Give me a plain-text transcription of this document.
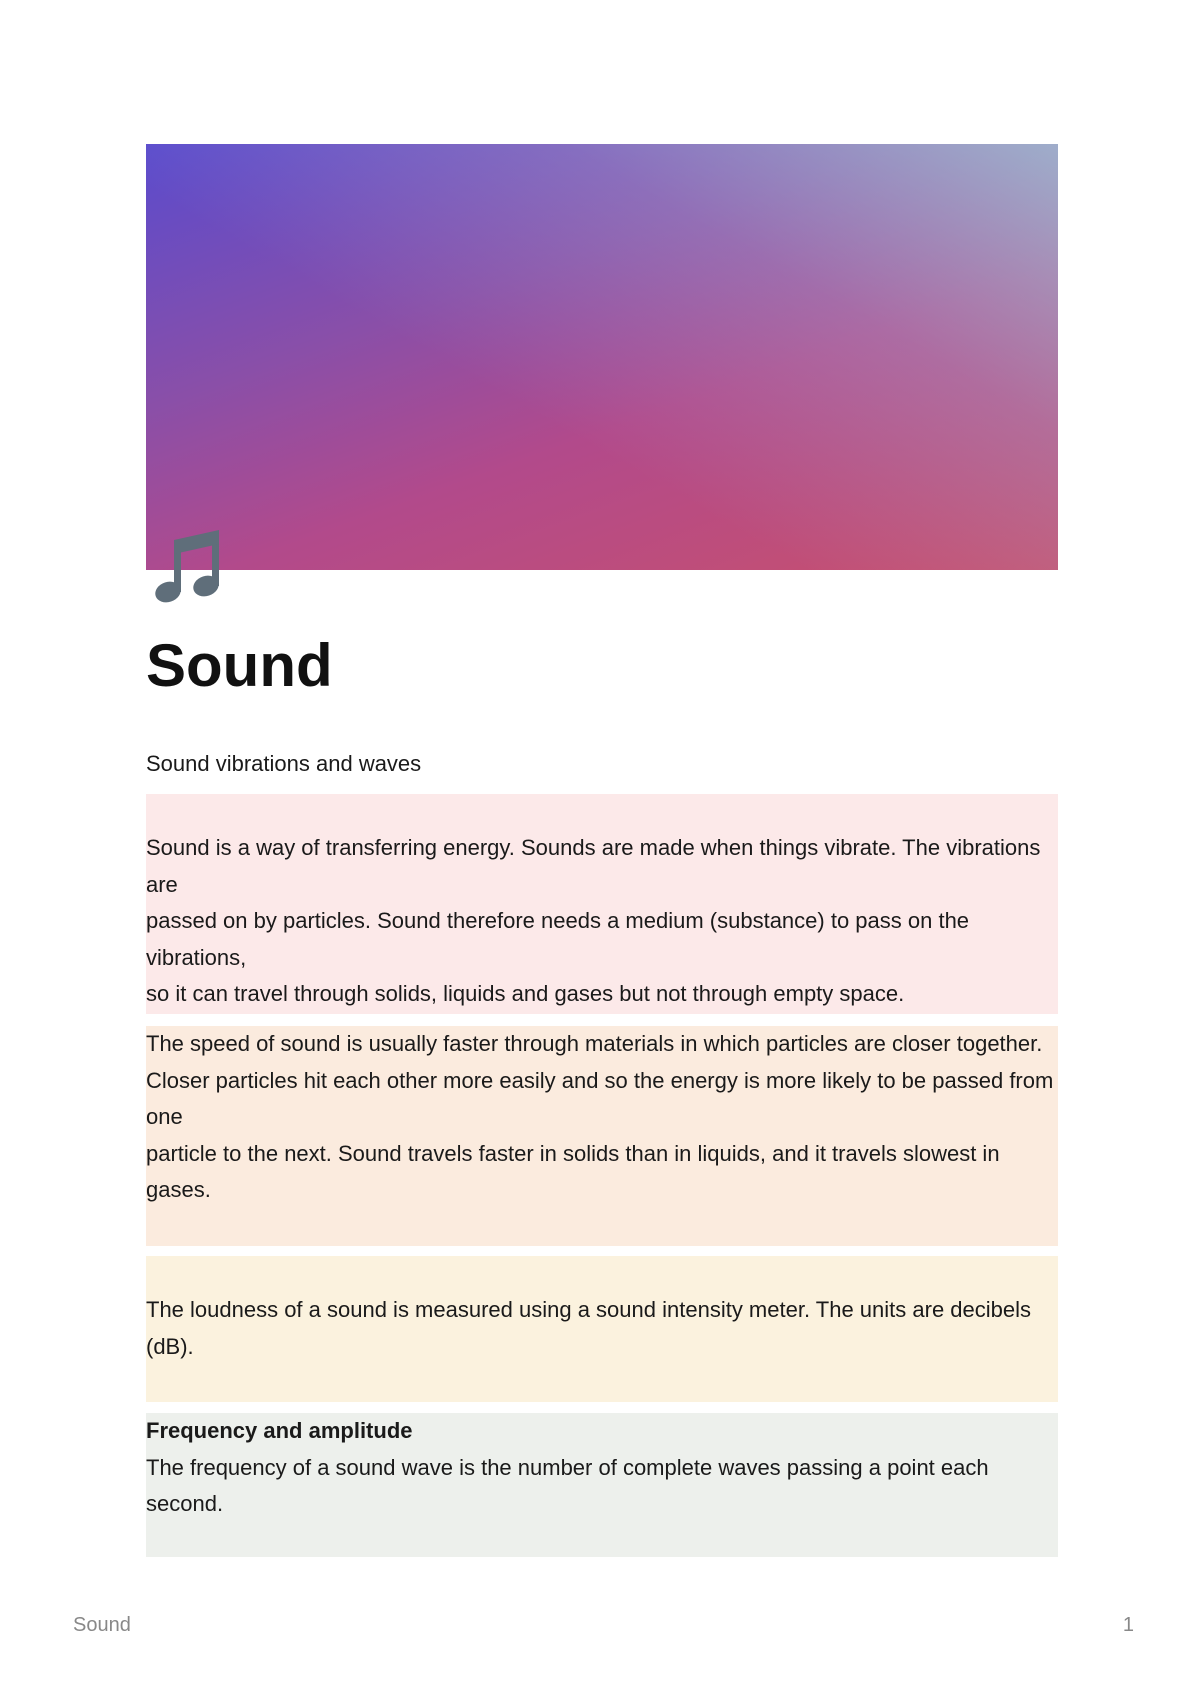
Sound
Sound vibrations and waves

Sound is a way of transferring energy. Sounds are made when things vibrate. The vibrations are

passed on by particles. Sound therefore needs a medium (substance) to pass on the vibrations,

so it can travel through solids, liquids and gases but not through empty space.

The speed of sound is usually faster through materials in which particles are closer together.

Closer particles hit each other more easily and so the energy is more likely to be passed from one

particle to the next. Sound travels faster in solids than in liquids, and it travels slowest in gases.

The loudness of a sound is measured using a sound intensity meter. The units are decibels

(dB).

Frequency and amplitude

The frequency of a sound wave is the number of complete waves passing a point each second.

Sound	1
